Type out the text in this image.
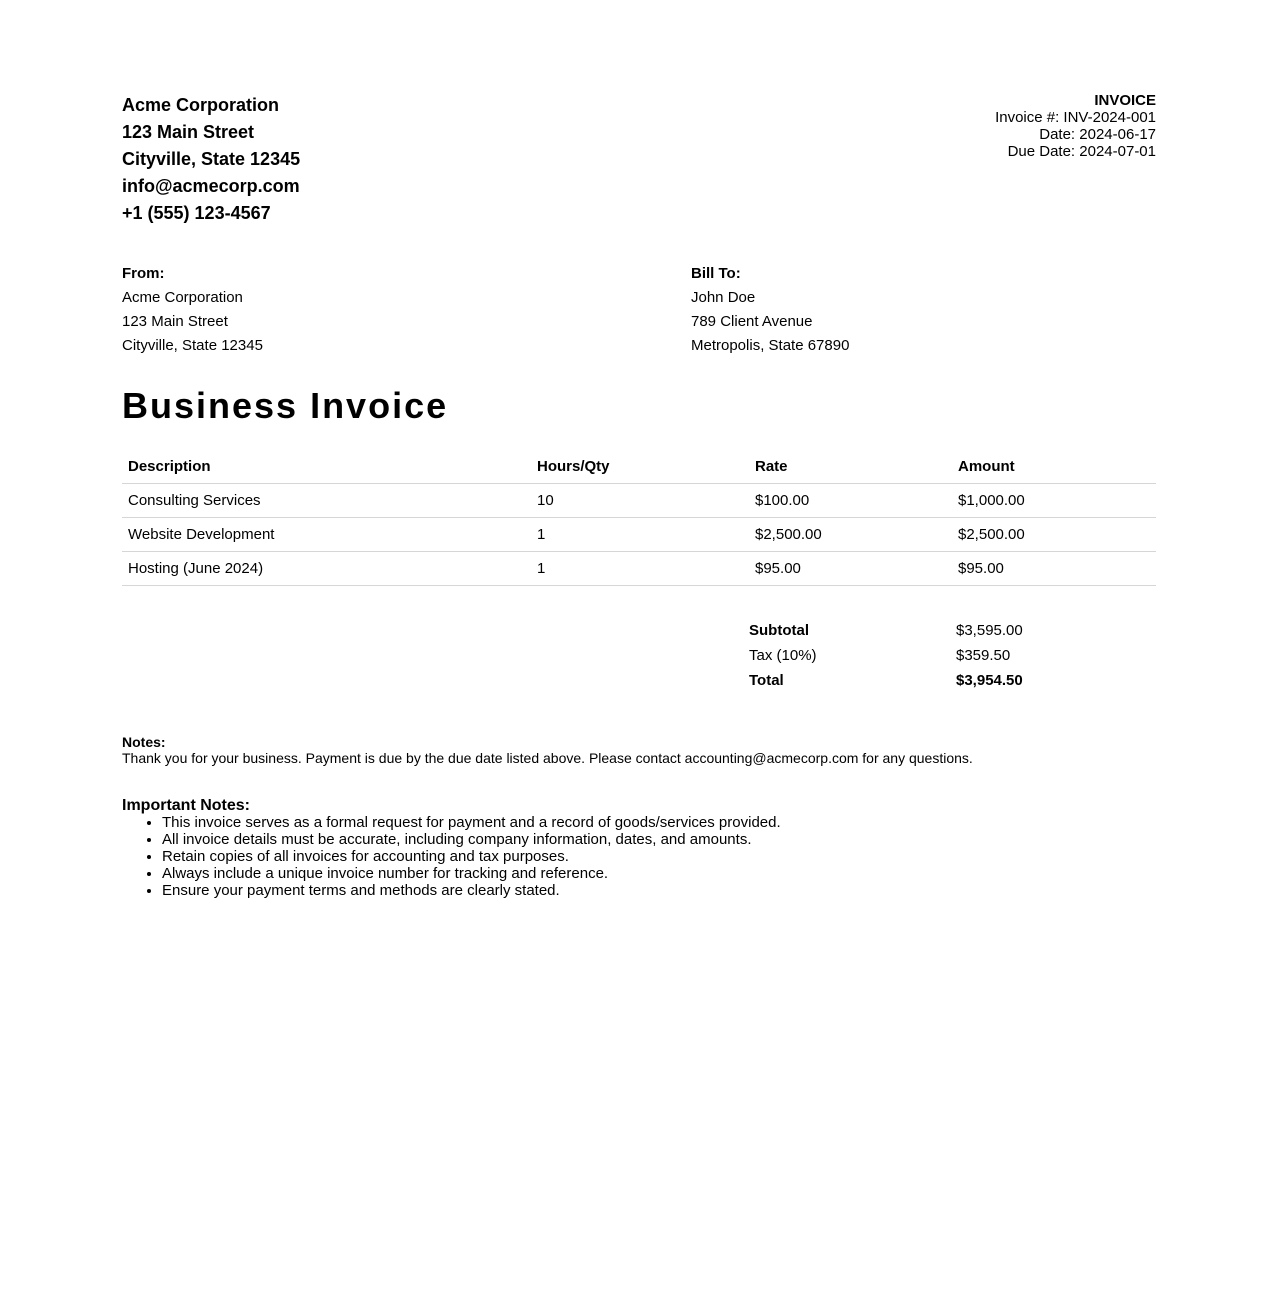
Acme Corporation
123 Main Street
Cityville, State 12345
info@acmecorp.com
+1 (555) 123-4567
INVOICE
Invoice #: INV-2024-001
Date: 2024-06-17
Due Date: 2024-07-01
From:
Acme Corporation
123 Main Street
Cityville, State 12345
Bill To:
John Doe
789 Client Avenue
Metropolis, State 67890
Business Invoice
Description	Hours/Qty	Rate	Amount
Consulting Services	10	$100.00	$1,000.00
Website Development	1	$2,500.00	$2,500.00
Hosting (June 2024)	1	$95.00	$95.00
Subtotal	$3,595.00
Tax (10%)	$359.50
Total	$3,954.50
Notes:
Thank you for your business. Payment is due by the due date listed above. Please contact accounting@acmecorp.com for any questions.
Important Notes:
• This invoice serves as a formal request for payment and a record of goods/services provided.
• All invoice details must be accurate, including company information, dates, and amounts.
• Retain copies of all invoices for accounting and tax purposes.
• Always include a unique invoice number for tracking and reference.
• Ensure your payment terms and methods are clearly stated.
